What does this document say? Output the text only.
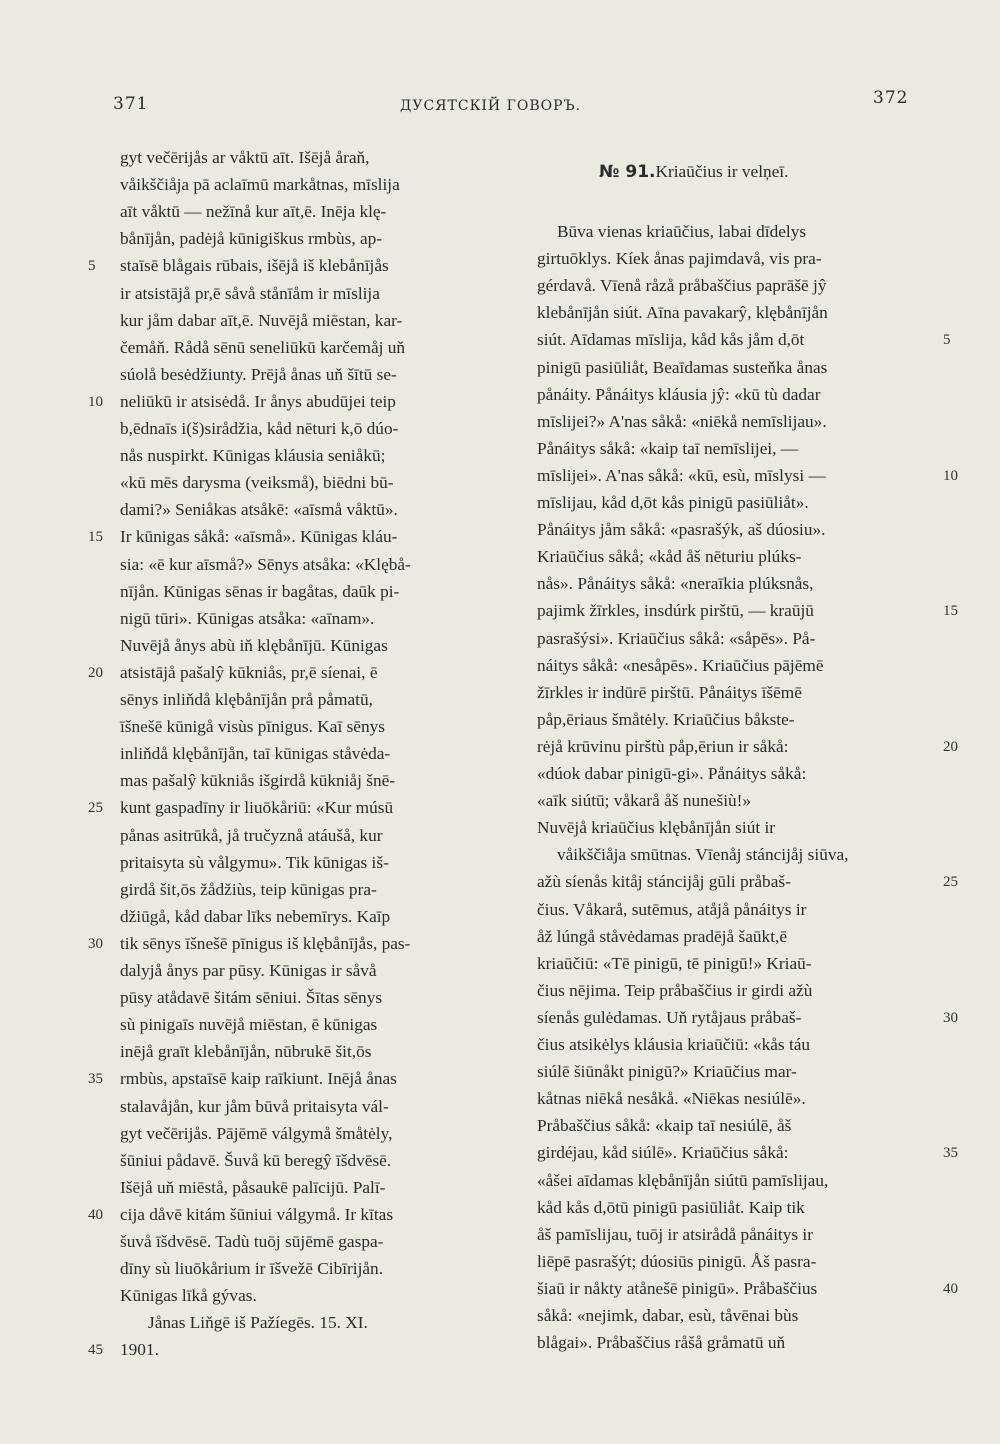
371	ДУСЯТСКІЙ ГОВОРЪ.	372
gyt večērijås ar våktū aīt. Išējå åraň,
våikščiåja pā aclaīmū markåtnas, mīslija
aīt våktū — nežīnå kur aīt,ē. Inēja klę-
bånījån, padėjå kūnigiškus rmbùs, ap-
staīsē blågais rūbais, išējå iš klebånījås
ir atsistājå pr,ē såvå stånīåm ir mīslija
kur jåm dabar aīt,ē. Nuvējå miēstan, kar-
čemåň. Rådå sēnū seneliūkū karčemåj uň
súolå besėdžiunty. Prējå ånas uň šītū se-
neliūkū ir atsisėdå. Ir ånys abudūjei teip
b,ēdnaīs i(š)sirådžia, kåd nēturi k,ō dúo-
nås nuspirkt. Kūnigas kláusia seniåkū;
«kū mēs darysma (veiksmå), biēdni bū-
dami?» Seniåkas atsåkē: «aīsmå våktū».
Ir kūnigas såkå: «aīsmå». Kūnigas kláu-
sia: «ē kur aīsmå?» Sēnys atsåka: «Klębå-
nījån. Kūnigas sēnas ir bagåtas, daūk pi-
nigū tūri». Kūnigas atsåka: «aīnam».
Nuvējå ånys abù iň klębånījū. Kūnigas
atsistājå pašalŷ kūkniås, pr,ē síenai, ē
sēnys inliňdå klębånījån prå påmatū,
īšnešē kūnigå visùs pīnigus. Kaī sēnys
inliňdå klębånījån, taī kūnigas ståvėda-
mas pašalŷ kūkniås išgirdå kūkniåj šnē-
kunt gaspadīny ir liuōkåriū: «Kur músū
pånas asitrūkå, jå tručyznå atáušå, kur
pritaisyta sù vålgymu». Tik kūnigas iš-
girdå šit,ōs žådžiùs, teip kūnigas pra-
džiūgå, kåd dabar līks nebemīrys. Kaīp
tik sēnys īšnešē pīnigus iš klębånījås, pas-
dalyjå ånys par pūsy. Kūnigas ir såvå
pūsy atådavē šitám sēniui. Šītas sēnys
sù pinigaīs nuvējå miēstan, ē kūnigas
inējå graīt klebånījån, nūbrukē šit,ōs
rmbùs, apstaīsē kaip raīkiunt. Inējå ånas
stalavåjån, kur jåm būvå pritaisyta vál-
gyt večērijås. Pājēmē válgymå šmåtėly,
šūniui pådavē. Šuvå kū beregŷ īšdvēsē.
Išējå uň miēstå, påsaukē palīcijū. Palī-
cija dåvē kitám šūniui válgymå. Ir kītas
šuvå īšdvēsē. Tadù tuōj sūjēmē gaspa-
dīny sù liuōkårium ir īšvežē Cibīrijån.
Kūnigas līkå gývas.
Jånas Liňgē iš Pažíegēs. 15. XI.
1901.
№ 91.Kriaūčius ir velņeī.
Būva vienas kriaūčius, labai dīdelys
girtuōklys. Kíek ånas pajimdavå, vis pra-
gérdavå. Vīenå råzå pråbaščius paprāšē jŷ
klebånījån siút. Aīna pavakarŷ, klębånījån
siút. Aīdamas mīslija, kåd kås jåm d,ōt
pinigū pasiūliåt, Beaīdamas susteňka ånas
pånáity. Pånáitys kláusia jŷ: «kū tù dadar
mīslijei?» A'nas såkå: «niēkå nemīslijau».
Pånáitys såkå: «kaip taī nemīslijei, —
mīslijei». A'nas såkå: «kū, esù, mīslysi —
mīslijau, kåd d,ōt kås pinigū pasiūliåt».
Pånáitys jåm såkå: «pasrašýk, aš dúosiu».
Kriaūčius såkå; «kåd åš nēturiu plúks-
nås». Pånáitys såkå: «neraīkia plúksnås,
pajimk žīrkles, insdúrk pirštū, — kraūjū
pasrašýsi». Kriaūčius såkå: «såpēs». På-
náitys såkå: «nesåpēs». Kriaūčius pājēmē
žīrkles ir indūrē pirštū. Pånáitys īšēmē
påp,ēriaus šmåtėly. Kriaūčius båkste-
rėjå krūvinu pirštù påp,ēriun ir såkå:
«dúok dabar pinigū-gi». Pånáitys såkå:
«aīk siútū; våkarå åš nunešiù!»
Nuvējå kriaūčius klębånījån siút ir
våikščiåja smūtnas. Vīenåj stáncijåj siūva,
ažù síenås kitåj stáncijåj gūli pråbaš-
čius. Våkarå, sutēmus, atåjå pånáitys ir
åž lúngå ståvėdamas pradējå šaūkt,ē
kriaūčiū: «Tē pinigū, tē pinigū!» Kriaū-
čius nējima. Teip pråbaščius ir girdi ažù
síenås gulėdamas. Uň rytåjaus pråbaš-
čius atsikėlys kláusia kriaūčiū: «kås táu
siúlē šiūnåkt pinigū?» Kriaūčius mar-
kåtnas niēkå nesåkå. «Niēkas nesiúlē».
Pråbaščius såkå: «kaip taī nesiúlē, åš
girdéjau, kåd siúlē». Kriaūčius såkå:
«åšei aīdamas klębånījån siútū pamīslijau,
kåd kås d,ōtū pinigū pasiūliåt. Kaip tik
åš pamīslijau, tuōj ir atsirådå pånáitys ir
liēpē pasrašýt; dúosiūs pinigū. Åš pasra-
šiaū ir nåkty atånešē pinigū». Pråbaščius
såkå: «nejimk, dabar, esù, tåvēnai bùs
blågai». Pråbaščius råšå gråmatū uň
5
10
15
20
25
30
35
40
45
5
10
15
20
25
30
35
40
